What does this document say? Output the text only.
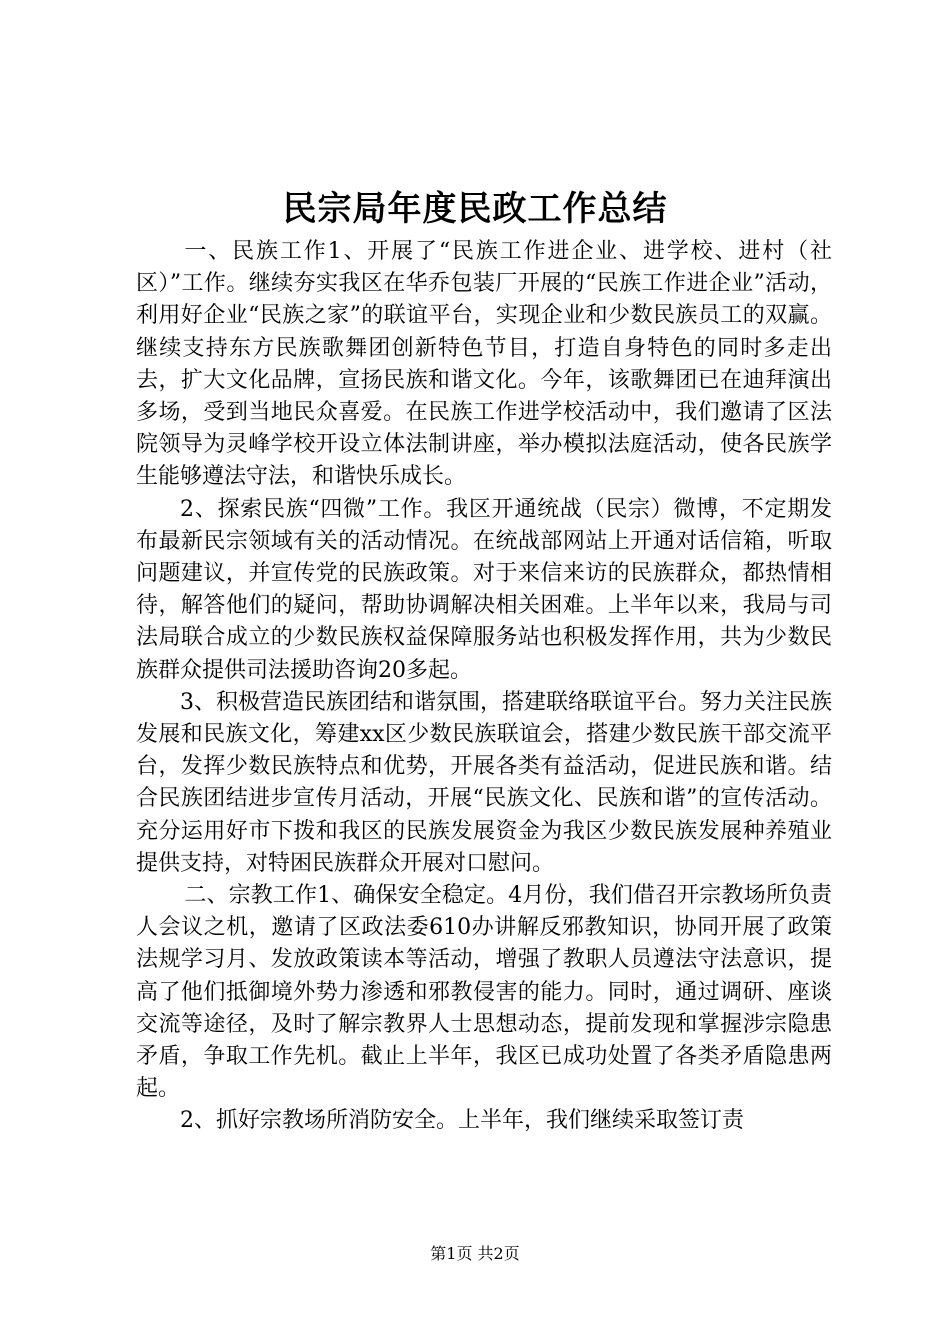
民宗局年度民政工作总结

一、民族工作1、开展了“民族工作进企业、进学校、进村（社区）”工作。继续夯实我区在华乔包装厂开展的“民族工作进企业”活动，利用好企业“民族之家”的联谊平台，实现企业和少数民族员工的双赢。继续支持东方民族歌舞团创新特色节目，打造自身特色的同时多走出去，扩大文化品牌，宣扬民族和谐文化。今年，该歌舞团已在迪拜演出多场，受到当地民众喜爱。在民族工作进学校活动中，我们邀请了区法院领导为灵峰学校开设立体法制讲座，举办模拟法庭活动，使各民族学生能够遵法守法，和谐快乐成长。

2、探索民族“四微”工作。我区开通统战（民宗）微博，不定期发布最新民宗领域有关的活动情况。在统战部网站上开通对话信箱，听取问题建议，并宣传党的民族政策。对于来信来访的民族群众，都热情相待，解答他们的疑问，帮助协调解决相关困难。上半年以来，我局与司法局联合成立的少数民族权益保障服务站也积极发挥作用，共为少数民族群众提供司法援助咨询20多起。

3、积极营造民族团结和谐氛围，搭建联络联谊平台。努力关注民族发展和民族文化，筹建xx区少数民族联谊会，搭建少数民族干部交流平台，发挥少数民族特点和优势，开展各类有益活动，促进民族和谐。结合民族团结进步宣传月活动，开展“民族文化、民族和谐”的宣传活动。充分运用好市下拨和我区的民族发展资金为我区少数民族发展种养殖业提供支持，对特困民族群众开展对口慰问。

二、宗教工作1、确保安全稳定。4月份，我们借召开宗教场所负责人会议之机，邀请了区政法委610办讲解反邪教知识，协同开展了政策法规学习月、发放政策读本等活动，增强了教职人员遵法守法意识，提高了他们抵御境外势力渗透和邪教侵害的能力。同时，通过调研、座谈交流等途径，及时了解宗教界人士思想动态，提前发现和掌握涉宗隐患矛盾，争取工作先机。截止上半年，我区已成功处置了各类矛盾隐患两起。

2、抓好宗教场所消防安全。上半年，我们继续采取签订责

第1页 共2页
